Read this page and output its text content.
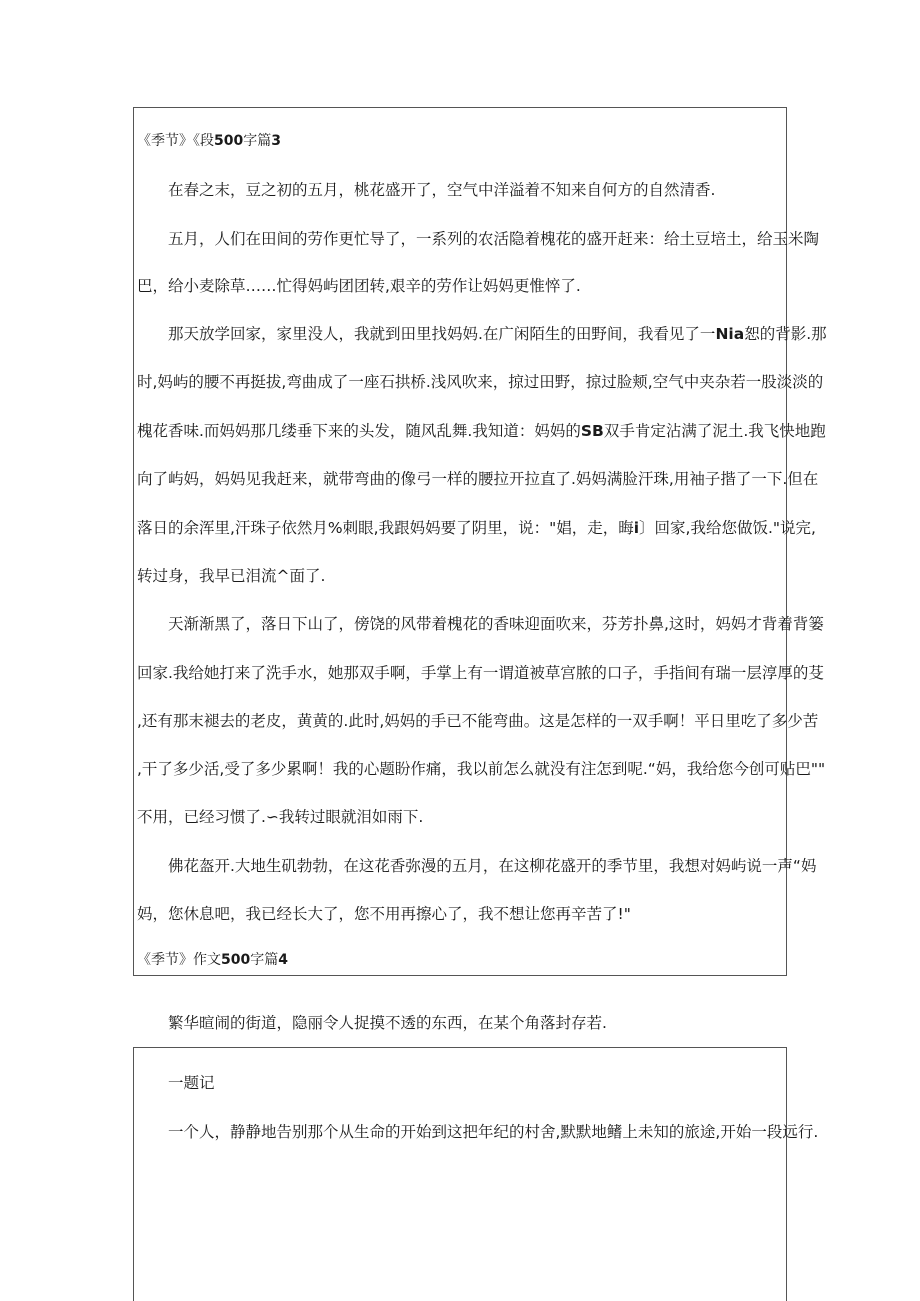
《季节》《段500字篇3
在春之末，豆之初的五月，桃花盛开了，空气中洋溢着不知来自何方的自然清香.
五月，人们在田间的劳作更忙导了，一系列的农活隐着槐花的盛开赶来：给土豆培土，给玉米陶
巴，给小麦除草……忙得妈屿团团转,艰辛的劳作让妈妈更惟悴了.
那天放学回家，家里没人，我就到田里找妈妈.在广闲陌生的田野间，我看见了一Nia恕的背影.那
时,妈屿的腰不再挺拔,弯曲成了一座石拱桥.浅风吹来，掠过田野，掠过脸颊,空气中夹杂若一股淡淡的
槐花香味.而妈妈那几缕垂下来的头发，随风乱舞.我知道：妈妈的SB双手肯定沾满了泥土.我飞快地跑
向了屿妈，妈妈见我赶来，就带弯曲的像弓一样的腰拉开拉直了.妈妈满脸汗珠,用袖子揩了一下.但在
落日的余浑里,汗珠子依然月%刺眼,我跟妈妈要了阴里，说："娼，走，晦i〕回家,我给您做饭."说完,
转过身，我早已泪流^面了.
天渐渐黑了，落日下山了，傍饶的风带着槐花的香味迎面吹来，芬芳扑鼻,这时，妈妈才背着背篓
回家.我给她打来了洗手水，她那双手啊，手掌上有一谓道被草宫脓的口子，手指间有瑞一层淳厚的芟
,还有那末褪去的老皮，黄黄的.此时,妈妈的手已不能弯曲。这是怎样的一双手啊！平日里吃了多少苦
,干了多少活,受了多少累啊！我的心题盼作痛，我以前怎么就没有注怎到呢.“妈，我给您今创可贴巴""
不用，已经习惯了.∽我转过眼就泪如雨下.
佛花盔开.大地生矶勃勃，在这花香弥漫的五月，在这柳花盛开的季节里，我想对妈屿说一声“妈
妈，您休息吧，我已经长大了，您不用再擦心了，我不想让您再辛苦了!"
《季节》作文500字篇4
繁华暄闹的街道，隐丽令人捉摸不透的东西，在某个角落封存若.
一题记
一个人，静静地告别那个从生命的开始到这把年纪的村舍,默默地鳍上未知的旅途,开始一段远行.
